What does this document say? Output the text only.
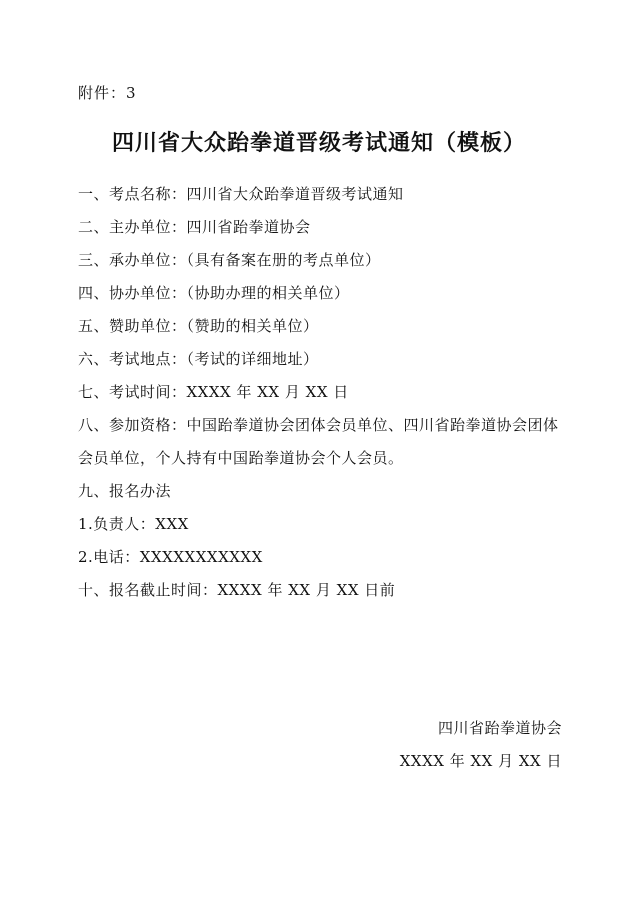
附件：3
四川省大众跆拳道晋级考试通知（模板）
一、考点名称：四川省大众跆拳道晋级考试通知
二、主办单位：四川省跆拳道协会
三、承办单位：（具有备案在册的考点单位）
四、协办单位：（协助办理的相关单位）
五、赞助单位：（赞助的相关单位）
六、考试地点：（考试的详细地址）
七、考试时间：XXXX 年 XX 月 XX 日
八、参加资格：中国跆拳道协会团体会员单位、四川省跆拳道协会团体会员单位，个人持有中国跆拳道协会个人会员。
九、报名办法
1.负责人：XXX
2.电话：XXXXXXXXXXX
十、报名截止时间：XXXX 年 XX 月 XX 日前
四川省跆拳道协会
XXXX 年 XX 月 XX 日
